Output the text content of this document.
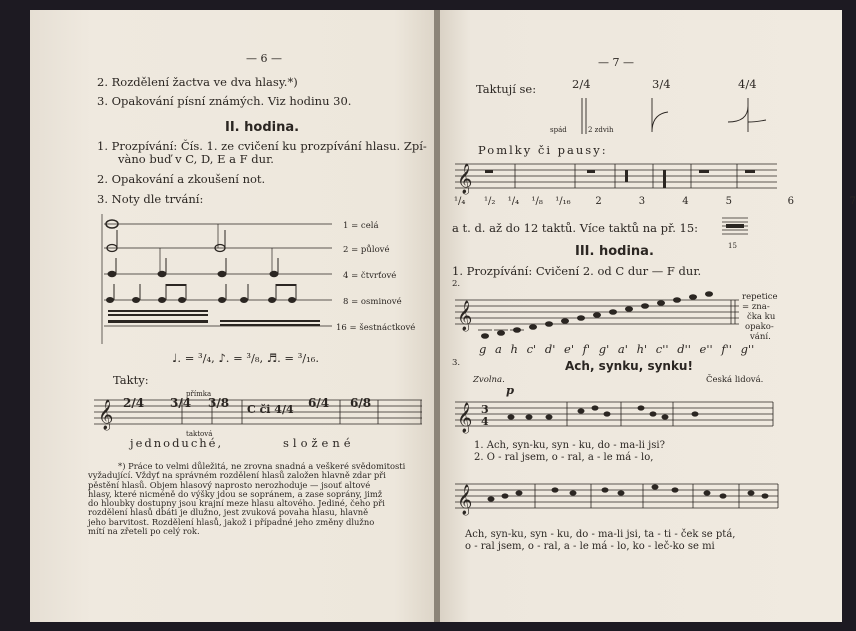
— 6 —
2. Rozdělení žactva ve dva hlasy.*)
3. Opakování písní známých. Viz hodinu 30.
II. hodina.
1. Prozpívání: Čís. 1. ze cvičení ku prozpívání hlasu. Zpí-
vàno buď v C, D, E a F dur.
2. Opakování a zkoušení not.
3. Noty dle trvání:
1 = celá
2 = půlové
4 = čtvrťové
8 = osminové
16 = šestnáctkové
♩. = ³/₄, ♪. = ³/₈, ♬. = ³/₁₆.
Takty:
přímka
𝄞 2/4 3/4 3/8 C či 4/4 6/4 6/8
taktová
jednoduché,	složené
*) Práce to velmi důležitá, ne zrovna snadná a veškeré svědomitosti
vyžadující. Vždyť na správném rozdělení hlasů založen hlavně zdar při
pěstění hlasů. Objem hlasový naprosto nerozhoduje — jsouť altové
hlasy, které nicméně do výšky jdou se sopránem, a zase soprány, jimž
do hloubky dostupny jsou krajní meze hlasu altového. Jediné, čeho při
rozdělení hlasů dbáti je dlužno, jest zvuková povaha hlasu, hlavně
jeho barvitost. Rozdělení hlasů, jakož i případné jeho změny dlužno
mítí na zřeteli po celý rok.
— 7 —
Taktují se:	2/4	3/4	4/4
spád	2 zdvih
Pomlky či pausy:
𝄞
¹/₄ ¹/₂ ¹/₄ ¹/₈ ¹/₁₆ 2	3	4	5	6	7
a t. d. až do 12 taktů. Více taktů na př. 15:
15
III. hodina.
1. Prozpívání: Cvičení 2. od C dur — F dur.
2.
𝄞
repetice
= zna-
čka ku
opako-
vání.
g a h c' d' e' f' g' a' h' c'' d'' e'' f'' g''
3.	Ach, synku, synku!
Zvolna.	Česká lidová.
p
𝄞 3
4
1. Ach, syn-ku, syn - ku, do - ma-li jsi?
2. O - ral jsem, o - ral, a - le má - lo,
𝄞
Ach, syn-ku, syn - ku, do - ma-li jsi, ta - ti - ček se ptá,
o - ral jsem, o - ral, a - le má - lo, ko - leč-ko se mi
